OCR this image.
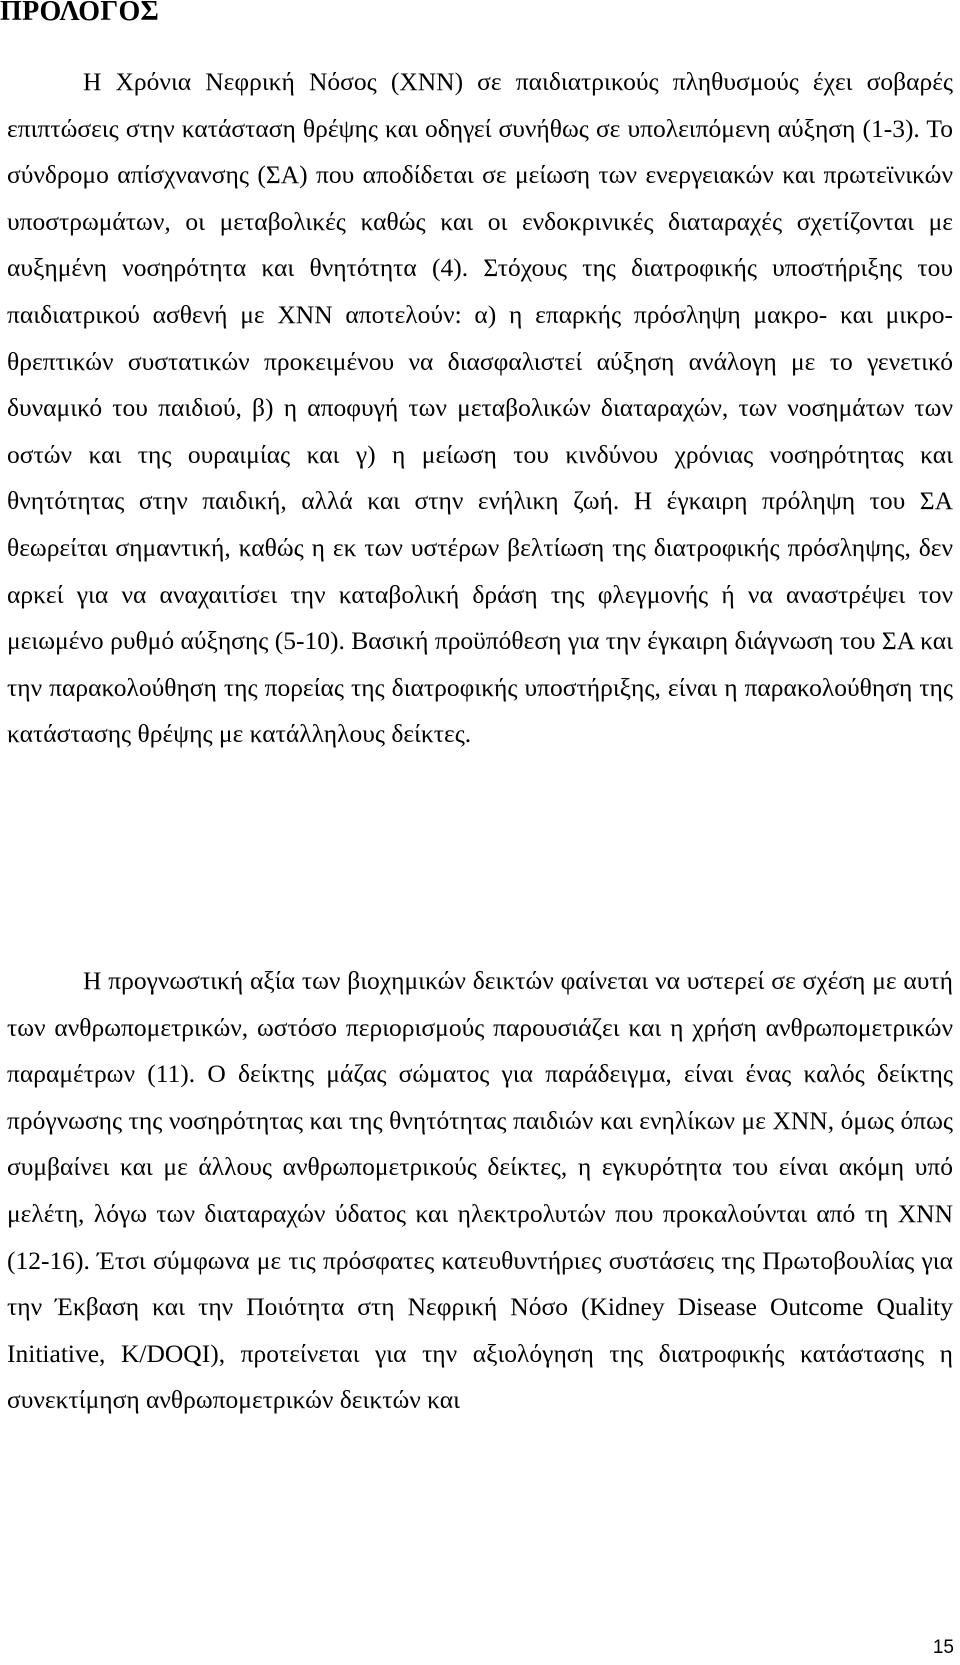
ΠΡΟΛΟΓΟΣ

Η Χρόνια Νεφρική Νόσος (ΧΝΝ) σε παιδιατρικούς πληθυσμούς έχει σοβαρές επιπτώσεις στην κατάσταση θρέψης και οδηγεί συνήθως σε υπολειπόμενη αύξηση (1-3). Το σύνδρομο απίσχνανσης (ΣΑ) που αποδίδεται σε μείωση των ενεργειακών και πρωτεϊνικών υποστρωμάτων, οι μεταβολικές καθώς και οι ενδοκρινικές διαταραχές σχετίζονται με αυξημένη νοσηρότητα και θνητότητα (4). Στόχους της διατροφικής υποστήριξης του παιδιατρικού ασθενή με ΧΝΝ αποτελούν: α) η επαρκής πρόσληψη μακρο- και μικρο-θρεπτικών συστατικών προκειμένου να διασφαλιστεί αύξηση ανάλογη με το γενετικό δυναμικό του παιδιού, β) η αποφυγή των μεταβολικών διαταραχών, των νοσημάτων των οστών και της ουραιμίας και γ) η μείωση του κινδύνου χρόνιας νοσηρότητας και θνητότητας στην παιδική, αλλά και στην ενήλικη ζωή. Η έγκαιρη πρόληψη του ΣΑ θεωρείται σημαντική, καθώς η εκ των υστέρων βελτίωση της διατροφικής πρόσληψης, δεν αρκεί για να αναχαιτίσει την καταβολική δράση της φλεγμονής ή να αναστρέψει τον μειωμένο ρυθμό αύξησης (5-10). Βασική προϋπόθεση για την έγκαιρη διάγνωση του ΣΑ και την παρακολούθηση της πορείας της διατροφικής υποστήριξης, είναι η παρακολούθηση της κατάστασης θρέψης με κατάλληλους δείκτες.

Η προγνωστική αξία των βιοχημικών δεικτών φαίνεται να υστερεί σε σχέση με αυτή των ανθρωπομετρικών, ωστόσο περιορισμούς παρουσιάζει και η χρήση ανθρωπομετρικών παραμέτρων (11). Ο δείκτης μάζας σώματος για παράδειγμα, είναι ένας καλός δείκτης πρόγνωσης της νοσηρότητας και της θνητότητας παιδιών και ενηλίκων με ΧΝΝ, όμως όπως συμβαίνει και με άλλους ανθρωπομετρικούς δείκτες, η εγκυρότητα του είναι ακόμη υπό μελέτη, λόγω των διαταραχών ύδατος και ηλεκτρολυτών που προκαλούνται από τη ΧΝΝ (12-16). Έτσι σύμφωνα με τις πρόσφατες κατευθυντήριες συστάσεις της Πρωτοβουλίας για την Έκβαση και την Ποιότητα στη Νεφρική Νόσο (Kidney Disease Outcome Quality Initiative, K/DOQI), προτείνεται για την αξιολόγηση της διατροφικής κατάστασης η συνεκτίμηση ανθρωπομετρικών δεικτών και

15
